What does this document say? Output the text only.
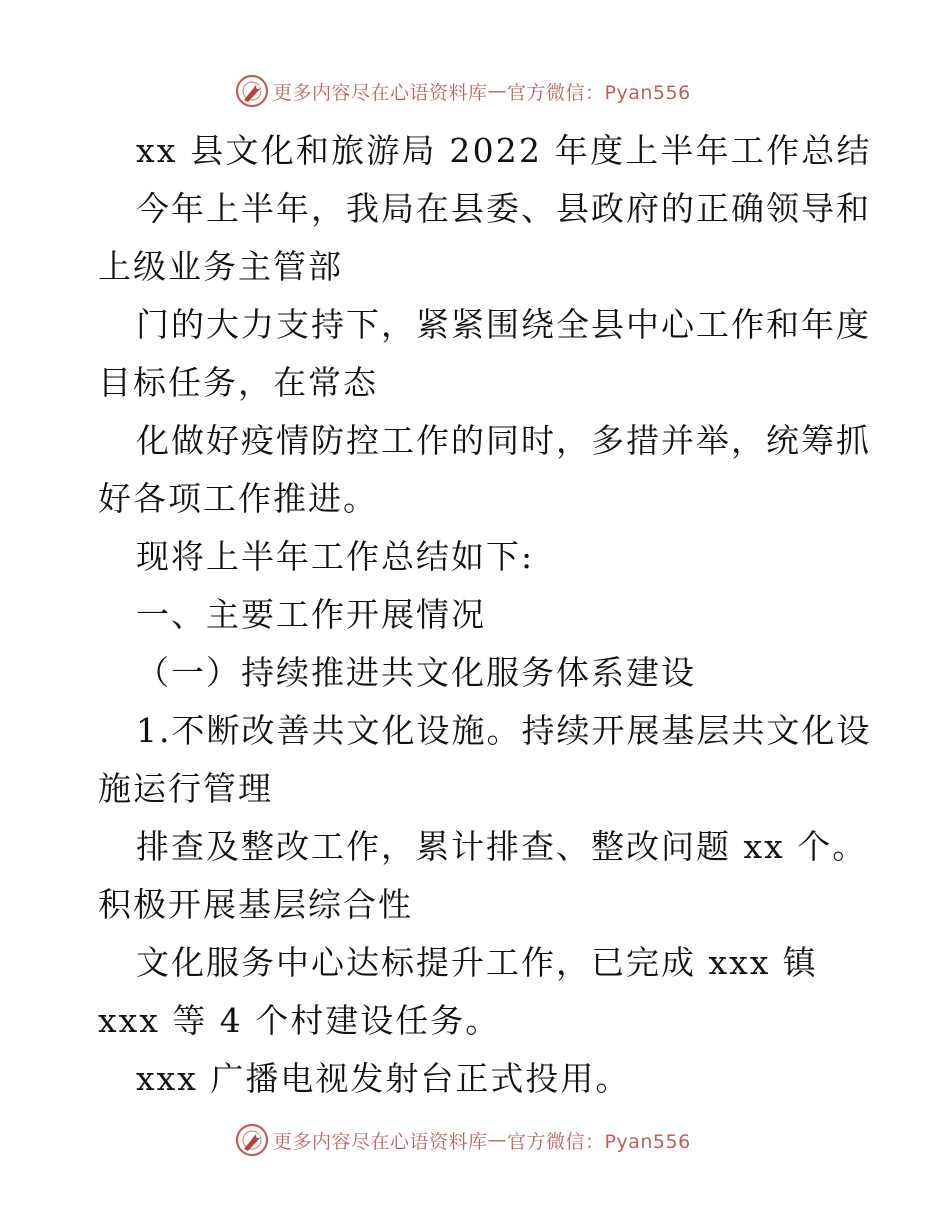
更多内容尽在心语资料库 — 官方微信：Pyan556
xx 县文化和旅游局 2022 年度上半年工作总结
今年上半年，我局在县委、县政府的正确领导和
上级业务主管部
门的大力支持下，紧紧围绕全县中心工作和年度
目标任务，在常态
化做好疫情防控工作的同时，多措并举，统筹抓
好各项工作推进。
现将上半年工作总结如下:
一、主要工作开展情况
（一）持续推进共文化服务体系建设
1.不断改善共文化设施。持续开展基层共文化设
施运行管理
排查及整改工作，累计排查、整改问题 xx 个。
积极开展基层综合性
文化服务中心达标提升工作，已完成 xxx 镇
xxx 等 4 个村建设任务。
xxx 广播电视发射台正式投用。
更多内容尽在心语资料库 — 官方微信：Pyan556
